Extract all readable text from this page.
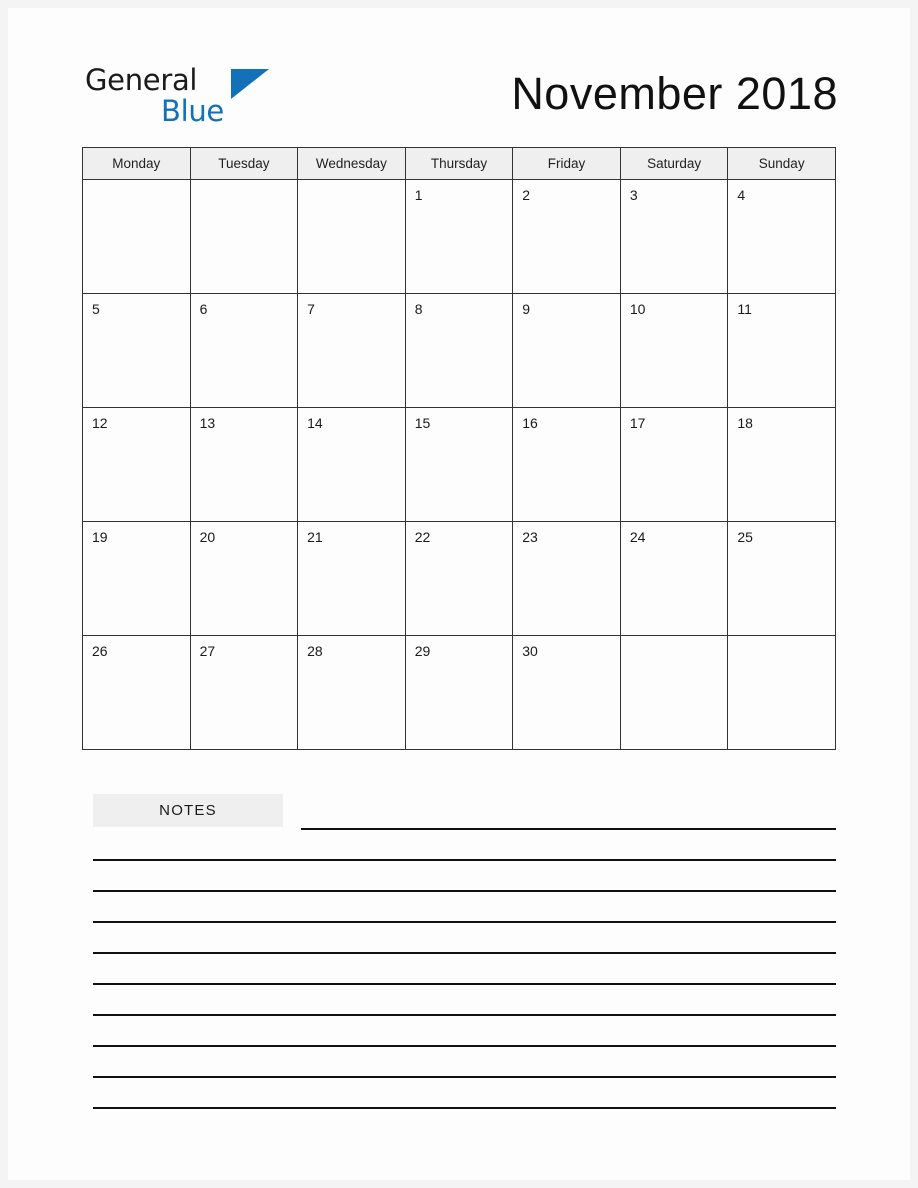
General
Blue	November 2018
Monday	Tuesday	Wednesday	Thursday	Friday	Saturday	Sunday

			1	2	3	4

5	6	7	8	9	10	11

12	13	14	15	16	17	18

19	20	21	22	23	24	25

26	27	28	29	30		

NOTES
